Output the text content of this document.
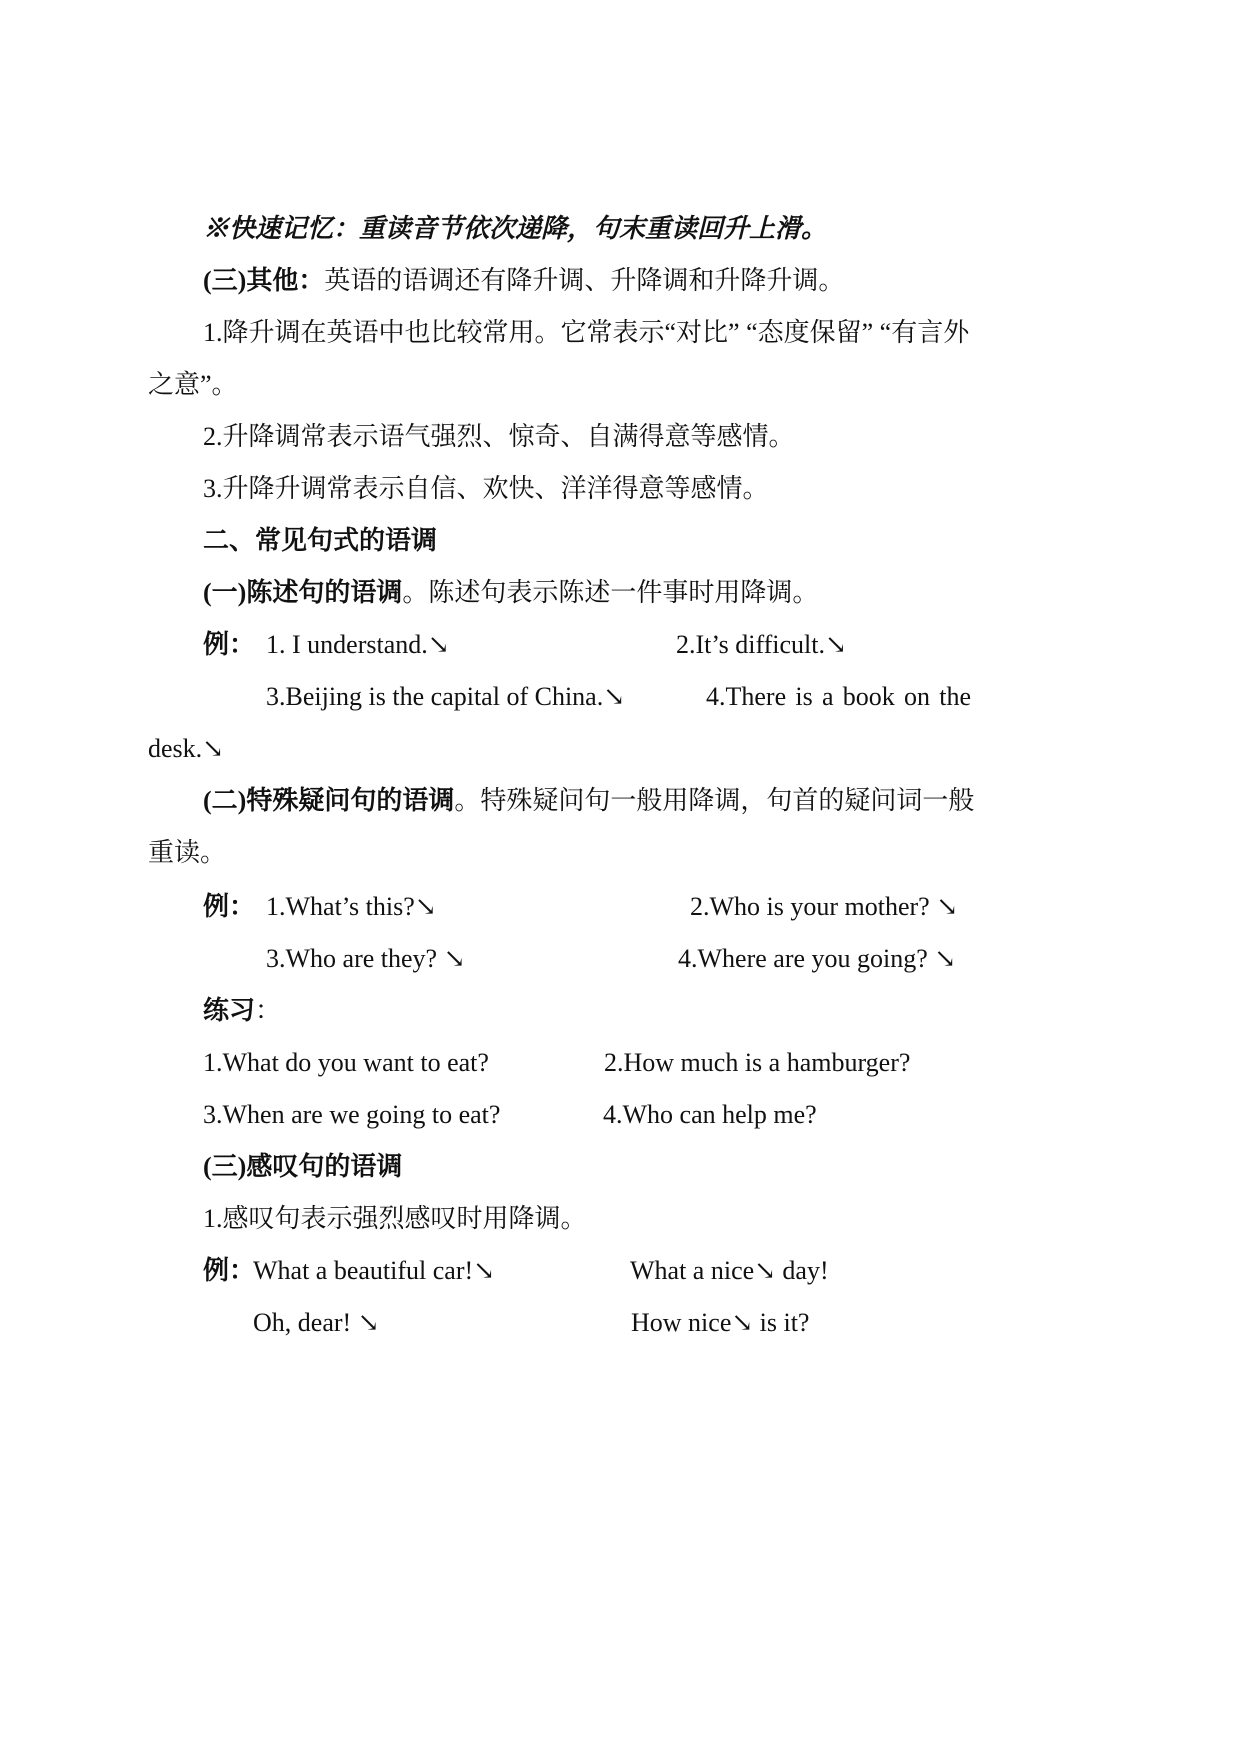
※快速记忆：重读音节依次递降，句末重读回升上滑。
(三)其他：英语的语调还有降升调、升降调和升降升调。
1.降升调在英语中也比较常用。它常表示“对比” “态度保留” “有言外
之意”。
2.升降调常表示语气强烈、惊奇、自满得意等感情。
3.升降升调常表示自信、欢快、洋洋得意等感情。
二、常见句式的语调
(一)陈述句的语调。陈述句表示陈述一件事时用降调。
例： 1. I understand.↘	2.It’s difficult.↘
3.Beijing is the capital of China.↘	4.There is a book on the
desk.↘
(二)特殊疑问句的语调。特殊疑问句一般用降调，句首的疑问词一般
重读。
例： 1.What’s this?↘	2.Who is your mother? ↘
3.Who are they? ↘	4.Where are you going? ↘
练习：
1.What do you want to eat?	2.How much is a hamburger?
3.When are we going to eat?	4.Who can help me?
(三)感叹句的语调
1.感叹句表示强烈感叹时用降调。
例：
What a beautiful car!↘	What a nice↘ day!
Oh, dear! ↘	How nice↘ is it?
